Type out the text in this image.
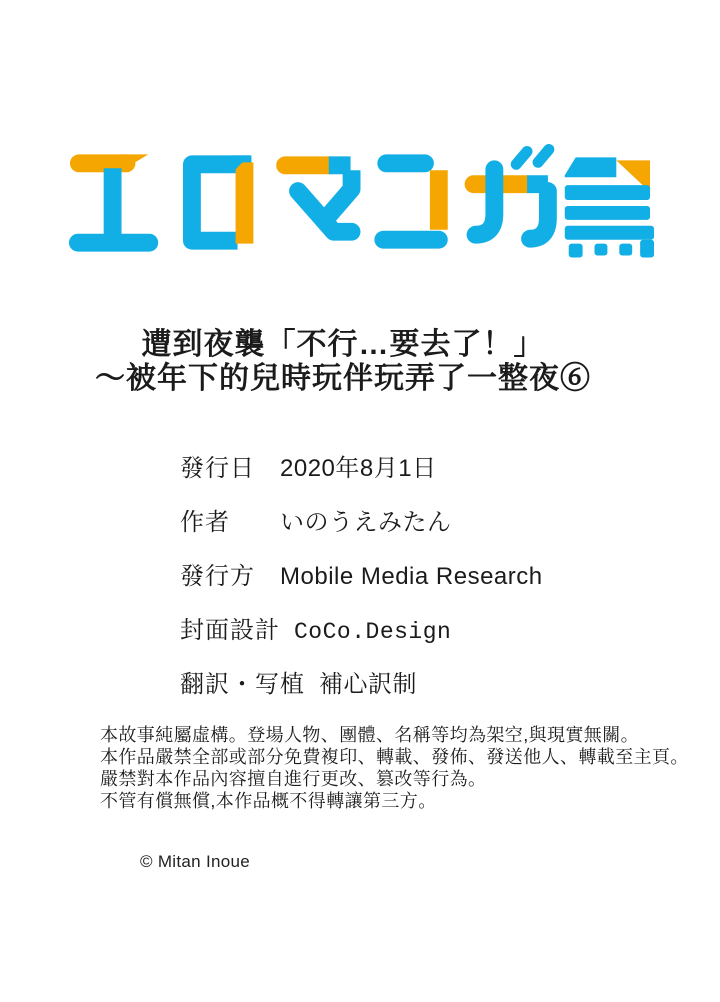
遭到夜襲「不行…要去了！」
～被年下的兒時玩伴玩弄了一整夜⑥
發行日	2020年8月1日
作者	いのうえみたん
發行方	Mobile Media Research
封面設計 CoCo.Design
翻訳・写植 補心訳制

本故事純屬虛構。登場人物、團體、名稱等均為架空,與現實無關。

本作品嚴禁全部或部分免費複印、轉載、發佈、發送他人、轉載至主頁。

嚴禁對本作品內容擅自進行更改、篡改等行為。

不管有償無償,本作品概不得轉讓第三方。

© Mitan Inoue
